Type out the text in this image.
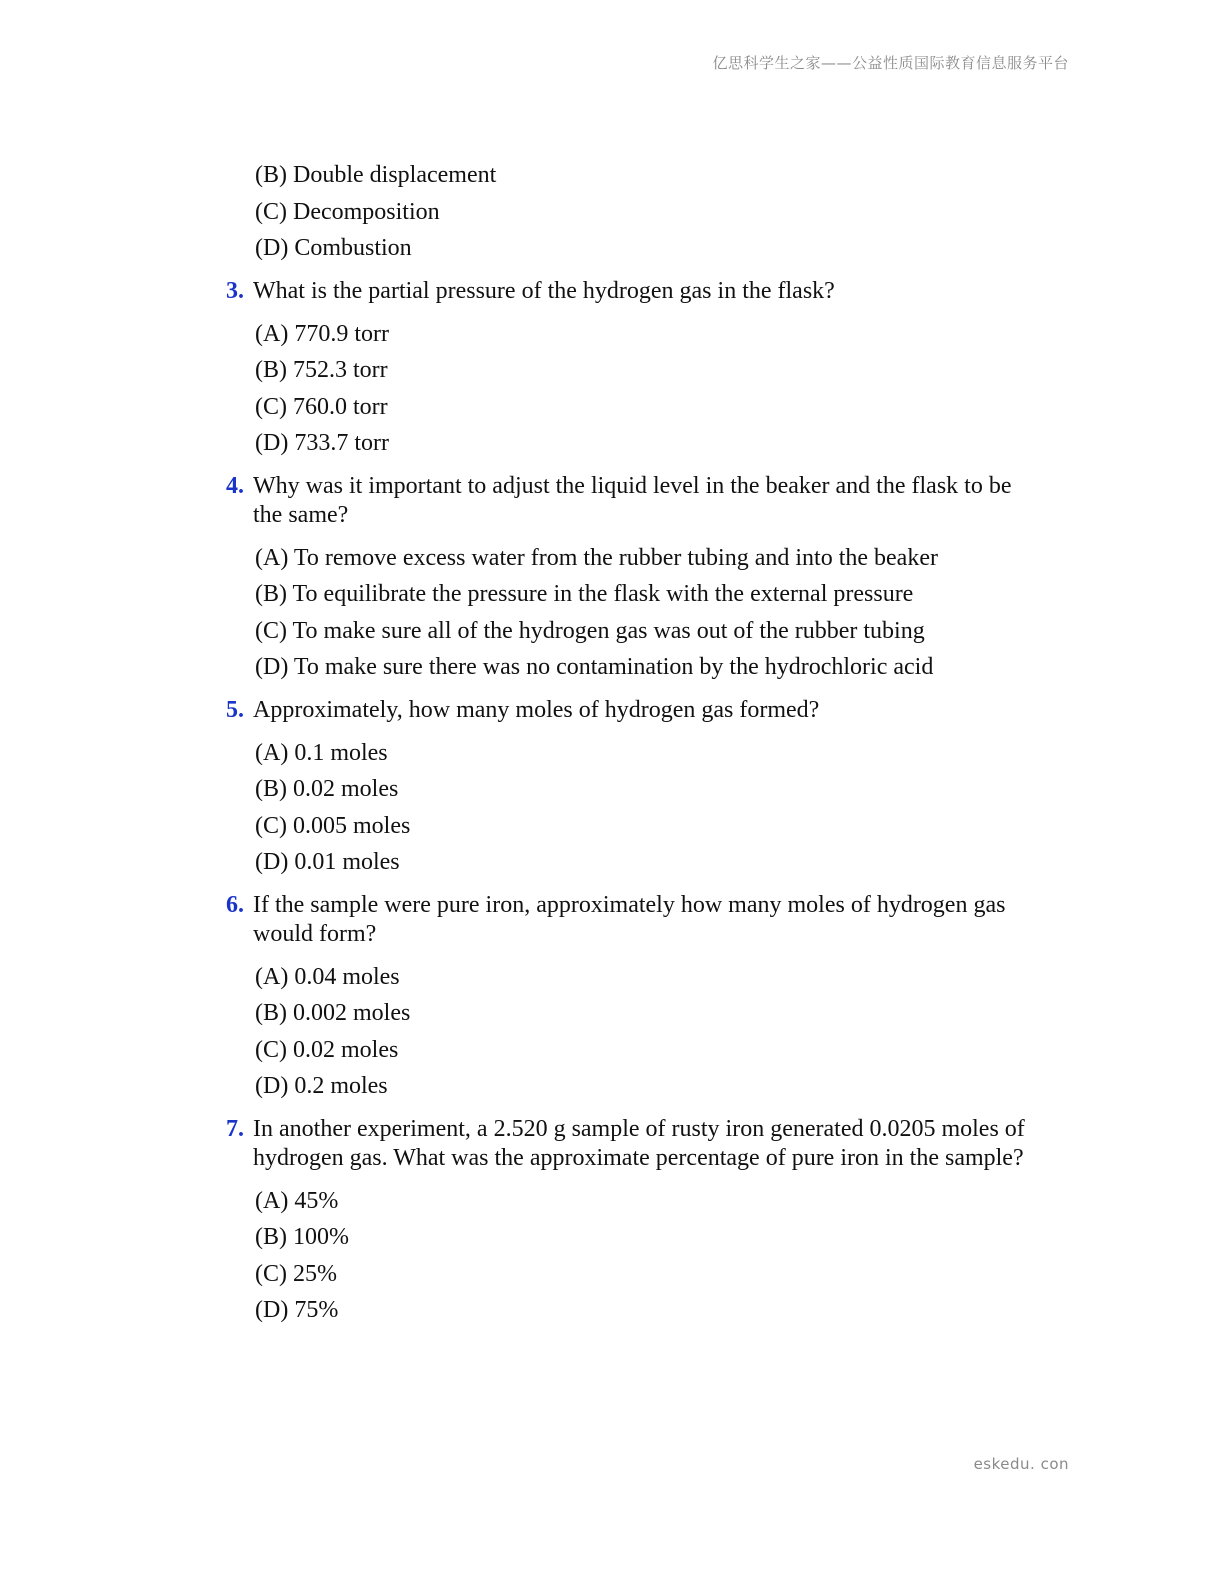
亿思科学生之家——公益性质国际教育信息服务平台
(B) Double displacement
(C) Decomposition
(D) Combustion
3. What is the partial pressure of the hydrogen gas in the flask?
(A) 770.9 torr
(B) 752.3 torr
(C) 760.0 torr
(D) 733.7 torr
4. Why was it important to adjust the liquid level in the beaker and the flask to be the same?
(A) To remove excess water from the rubber tubing and into the beaker
(B) To equilibrate the pressure in the flask with the external pressure
(C) To make sure all of the hydrogen gas was out of the rubber tubing
(D) To make sure there was no contamination by the hydrochloric acid
5. Approximately, how many moles of hydrogen gas formed?
(A) 0.1 moles
(B) 0.02 moles
(C) 0.005 moles
(D) 0.01 moles
6. If the sample were pure iron, approximately how many moles of hydrogen gas would form?
(A) 0.04 moles
(B) 0.002 moles
(C) 0.02 moles
(D) 0.2 moles
7. In another experiment, a 2.520 g sample of rusty iron generated 0.0205 moles of hydrogen gas. What was the approximate percentage of pure iron in the sample?
(A) 45%
(B) 100%
(C) 25%
(D) 75%
eskedu. con
